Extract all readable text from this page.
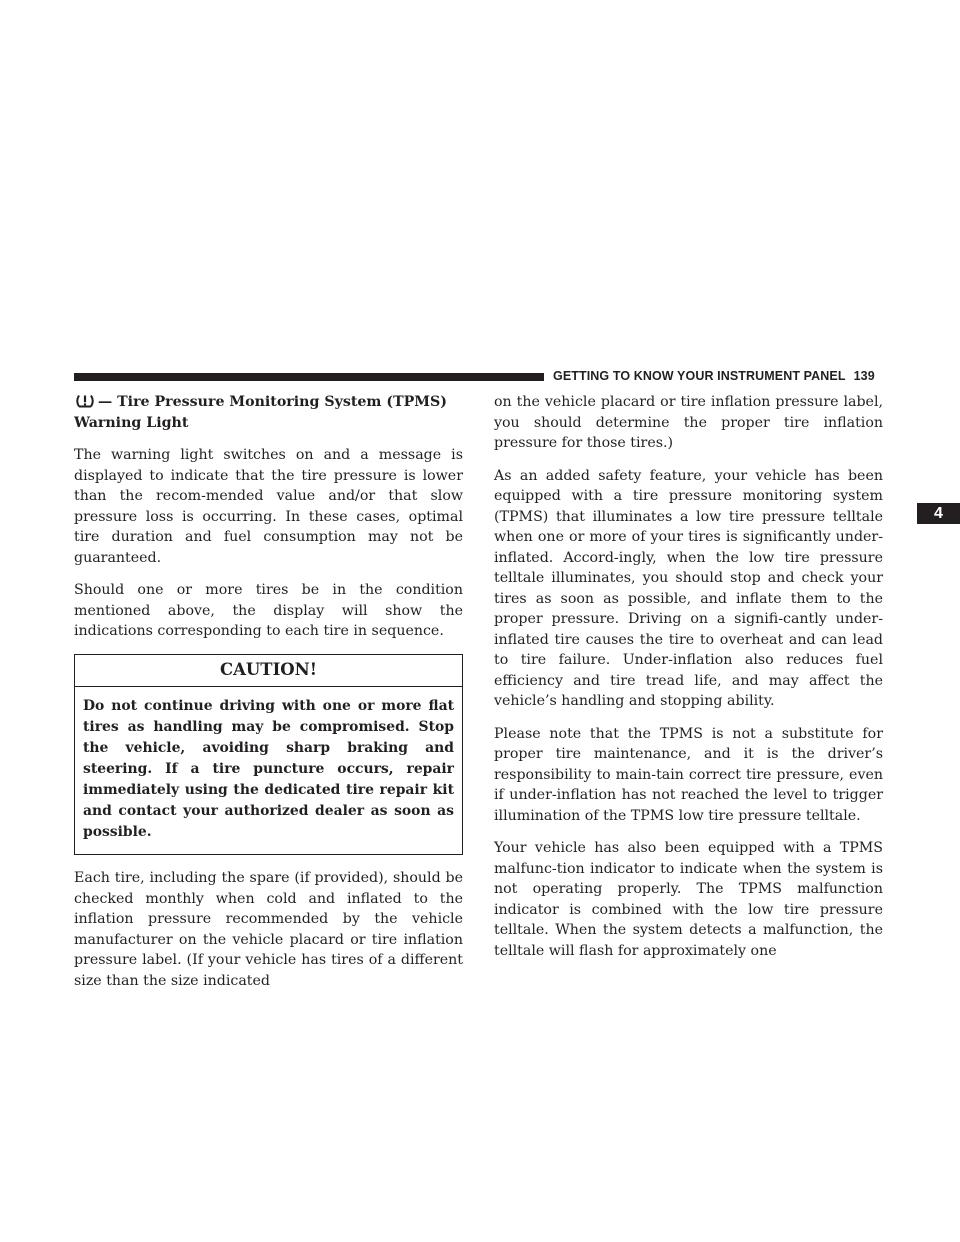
GETTING TO KNOW YOUR INSTRUMENT PANEL 139
4
— Tire Pressure Monitoring System (TPMS) Warning Light

The warning light switches on and a message is displayed to indicate that the tire pressure is lower than the recom-mended value and/or that slow pressure loss is occurring. In these cases, optimal tire duration and fuel consumption may not be guaranteed.

Should one or more tires be in the condition mentioned above, the display will show the indications corresponding to each tire in sequence.

CAUTION!
Do not continue driving with one or more flat tires as handling may be compromised. Stop the vehicle, avoiding sharp braking and steering. If a tire puncture occurs, repair immediately using the dedicated tire repair kit and contact your authorized dealer as soon as possible.

Each tire, including the spare (if provided), should be checked monthly when cold and inflated to the inflation pressure recommended by the vehicle manufacturer on the vehicle placard or tire inflation pressure label. (If your vehicle has tires of a different size than the size indicated

on the vehicle placard or tire inflation pressure label, you should determine the proper tire inflation pressure for those tires.)

As an added safety feature, your vehicle has been equipped with a tire pressure monitoring system (TPMS) that illuminates a low tire pressure telltale when one or more of your tires is significantly under-inflated. Accord-ingly, when the low tire pressure telltale illuminates, you should stop and check your tires as soon as possible, and inflate them to the proper pressure. Driving on a signifi-cantly under-inflated tire causes the tire to overheat and can lead to tire failure. Under-inflation also reduces fuel efficiency and tire tread life, and may affect the vehicle’s handling and stopping ability.

Please note that the TPMS is not a substitute for proper tire maintenance, and it is the driver’s responsibility to main-tain correct tire pressure, even if under-inflation has not reached the level to trigger illumination of the TPMS low tire pressure telltale.

Your vehicle has also been equipped with a TPMS malfunc-tion indicator to indicate when the system is not operating properly. The TPMS malfunction indicator is combined with the low tire pressure telltale. When the system detects a malfunction, the telltale will flash for approximately one
